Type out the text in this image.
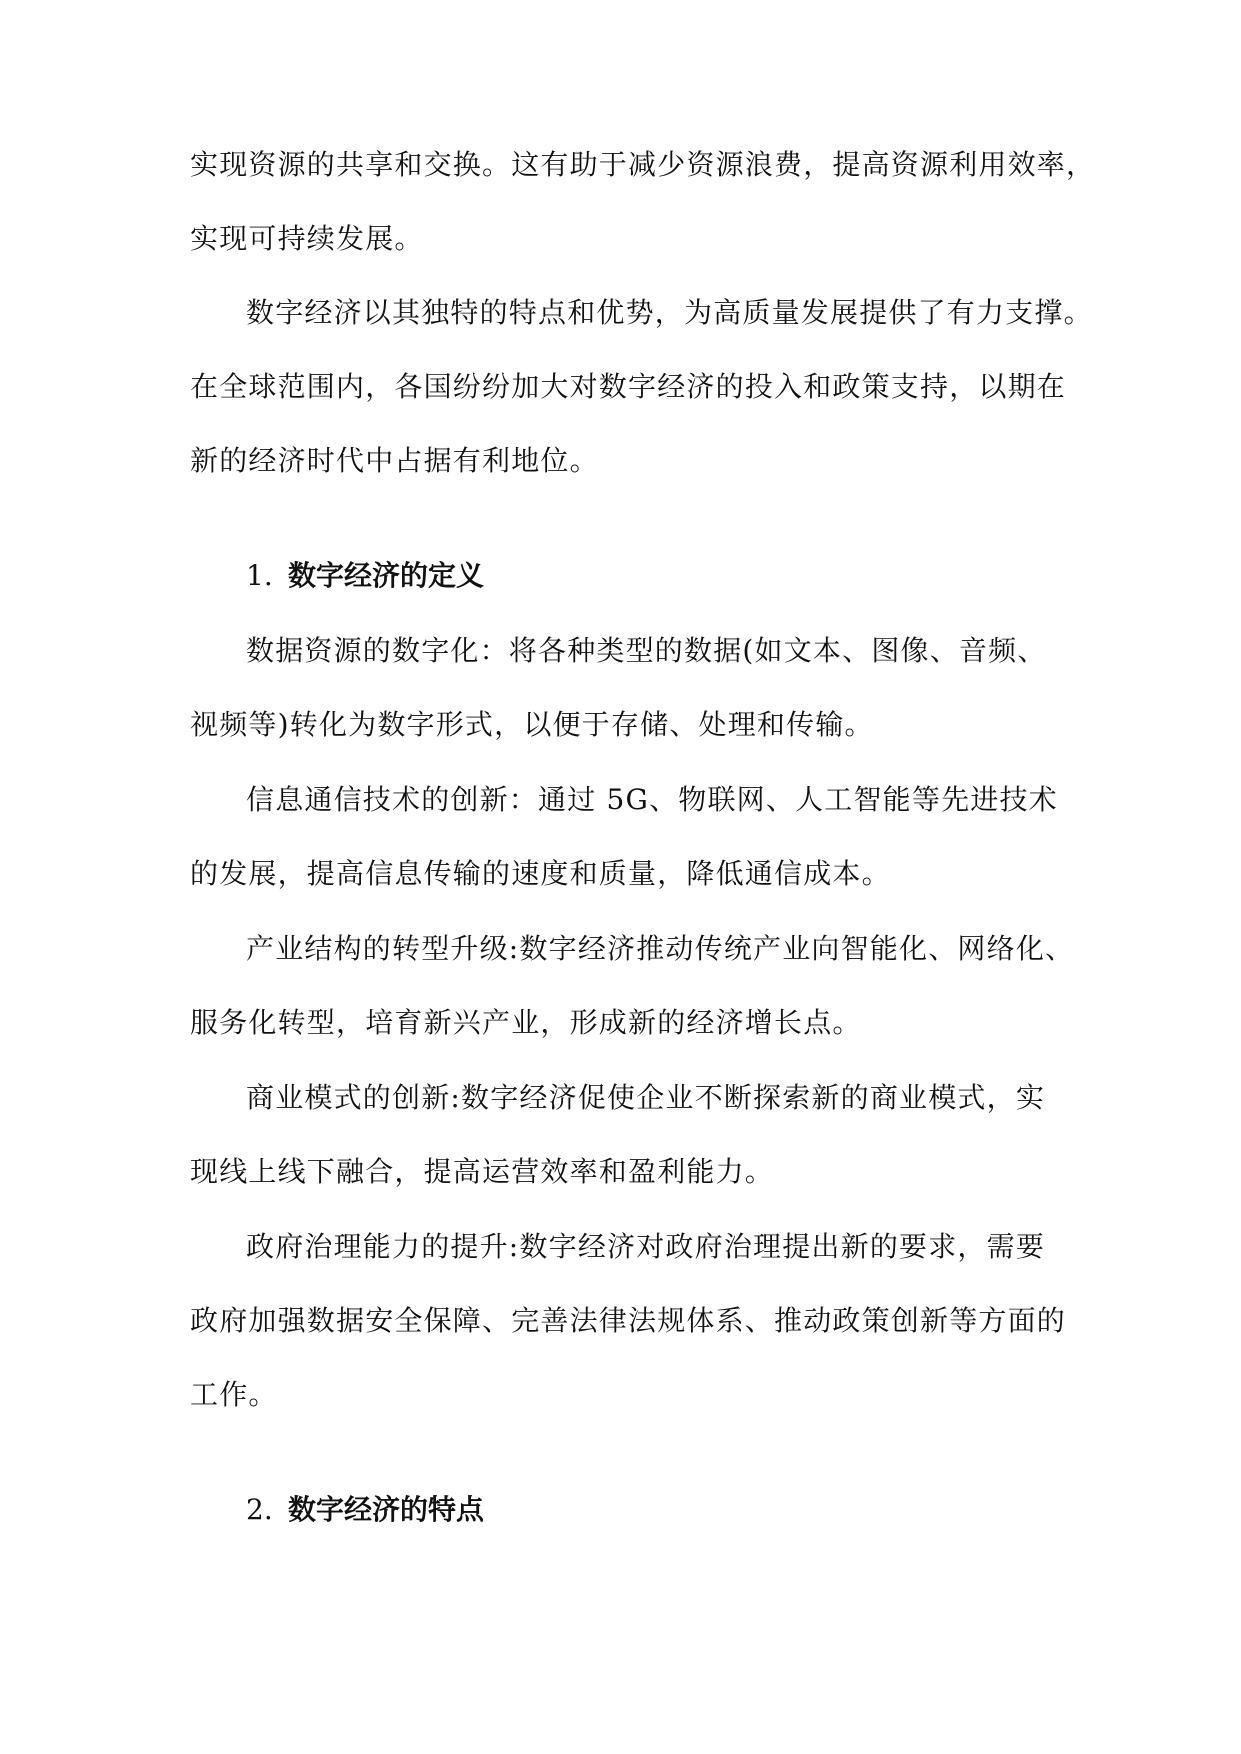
实现资源的共享和交换。这有助于减少资源浪费，提高资源利用效率，
实现可持续发展。
数字经济以其独特的特点和优势，为高质量发展提供了有力支撑。
在全球范围内，各国纷纷加大对数字经济的投入和政策支持，以期在
新的经济时代中占据有利地位。
1. 数字经济的定义
数据资源的数字化：将各种类型的数据(如文本、图像、音频、
视频等)转化为数字形式，以便于存储、处理和传输。
信息通信技术的创新：通过 5G、物联网、人工智能等先进技术
的发展，提高信息传输的速度和质量，降低通信成本。
产业结构的转型升级:数字经济推动传统产业向智能化、网络化、
服务化转型，培育新兴产业，形成新的经济增长点。
商业模式的创新:数字经济促使企业不断探索新的商业模式，实
现线上线下融合，提高运营效率和盈利能力。
政府治理能力的提升:数字经济对政府治理提出新的要求，需要
政府加强数据安全保障、完善法律法规体系、推动政策创新等方面的
工作。
2. 数字经济的特点
